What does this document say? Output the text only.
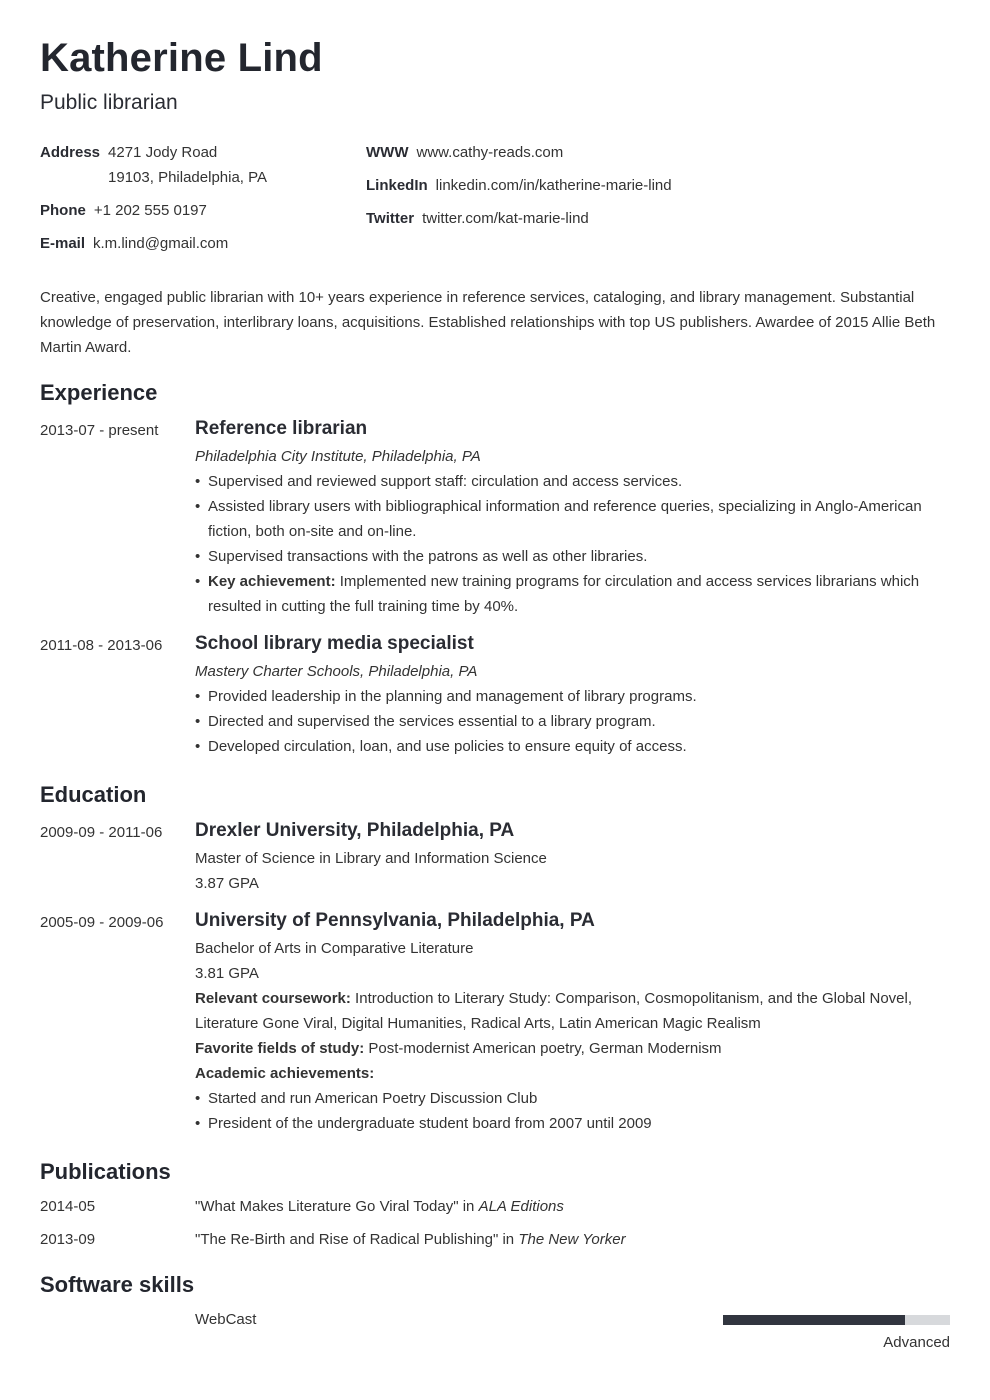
Katherine Lind
Public librarian
Address 4271 Jody Road
19103, Philadelphia, PA
Phone +1 202 555 0197
E-mail k.m.lind@gmail.com
WWW www.cathy-reads.com
LinkedIn linkedin.com/in/katherine-marie-lind
Twitter twitter.com/kat-marie-lind
Creative, engaged public librarian with 10+ years experience in reference services, cataloging, and library management. Substantial knowledge of preservation, interlibrary loans, acquisitions. Established relationships with top US publishers. Awardee of 2015 Allie Beth Martin Award.
Experience
2013-07 - present	Reference librarian
Philadelphia City Institute, Philadelphia, PA
• Supervised and reviewed support staff: circulation and access services.
• Assisted library users with bibliographical information and reference queries, specializing in Anglo-American fiction, both on-site and on-line.
• Supervised transactions with the patrons as well as other libraries.
• Key achievement: Implemented new training programs for circulation and access services librarians which resulted in cutting the full training time by 40%.
2011-08 - 2013-06	School library media specialist
Mastery Charter Schools, Philadelphia, PA
• Provided leadership in the planning and management of library programs.
• Directed and supervised the services essential to a library program.
• Developed circulation, loan, and use policies to ensure equity of access.
Education
2009-09 - 2011-06	Drexler University, Philadelphia, PA
Master of Science in Library and Information Science
3.87 GPA
2005-09 - 2009-06	University of Pennsylvania, Philadelphia, PA
Bachelor of Arts in Comparative Literature
3.81 GPA
Relevant coursework: Introduction to Literary Study: Comparison, Cosmopolitanism, and the Global Novel, Literature Gone Viral, Digital Humanities, Radical Arts, Latin American Magic Realism
Favorite fields of study: Post-modernist American poetry, German Modernism
Academic achievements:
• Started and run American Poetry Discussion Club
• President of the undergraduate student board from 2007 until 2009
Publications
2014-05	"What Makes Literature Go Viral Today" in ALA Editions
2013-09	"The Re-Birth and Rise of Radical Publishing" in The New Yorker
Software skills
WebCast
Advanced
